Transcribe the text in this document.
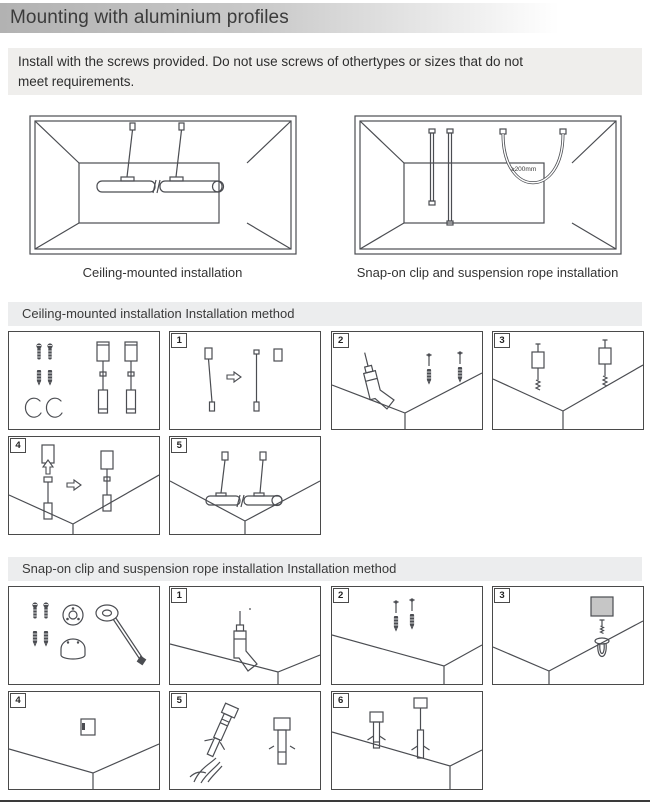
Mounting with aluminium profiles
Install with the screws provided. Do not use screws of othertypes or sizes that do not
meet requirements.
Ceiling-mounted installation
≥200mm
Snap-on clip and suspension rope installation
Ceiling-mounted installation Installation method
1	2	3
4	5
Snap-on clip and suspension rope installation Installation method
1	2	3
4	5	6
